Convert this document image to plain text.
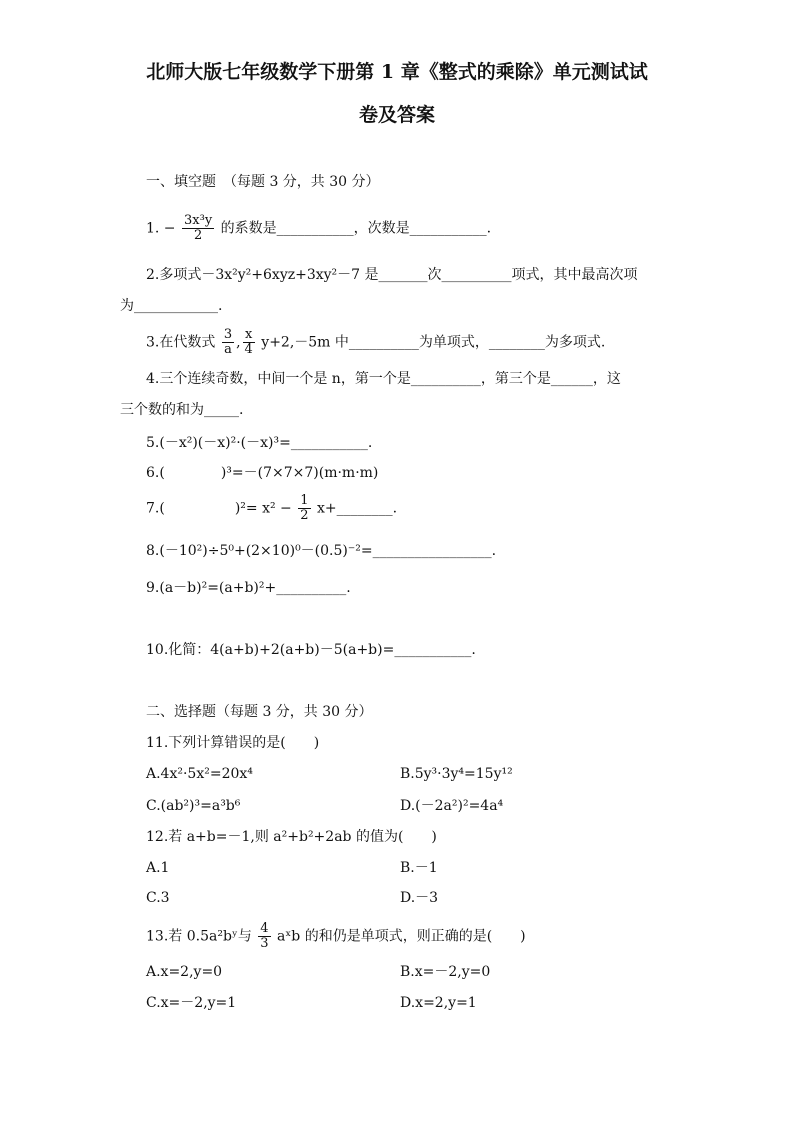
北师大版七年级数学下册第 1 章《整式的乘除》单元测试试
卷及答案
一、填空题　（每题 3 分，共 30 分）
1. − $\frac{\text{3x³y}}{2}$ 的系数是___________，次数是___________.
2.多项式－3x²y²+6xyz+3xy²－7 是_______次__________项式，其中最高次项
为____________.
3.在代数式 $\frac{3}{a}$ , $\frac{x}{4} y+2,-5m$ 中__________为单项式，________为多项式.
4.三个连续奇数，中间一个是 n，第一个是__________，第三个是______，这
三个数的和为_____.
5.(－x²)(－x)²·(－x)³=___________.
6.(　　　　)³=－(7×7×7)(m·m·m)
7.(　　　　　)$^2= x^2 - \frac{1}{2}$ x+________.
8.(－10²)÷5⁰+(2×10)⁰－(0.5)⁻²=_________________.
9.(a－b)²=(a+b)²+__________.
10.化简：4(a+b)+2(a+b)－5(a+b)=___________.
二、选择题（每题 3 分，共 30 分）
11.下列计算错误的是(　　)
A.4x²·5x²=20x⁴	B.5y³·3y⁴=15y¹²
C.(ab²)³=a³b⁶	D.(－2a²)²=4a⁴
12.若 a+b=－1,则 a²+b²+2ab 的值为(　　)
A.1	B.－1
C.3	D.－3
13.若 0.5a²bʸ与 $\frac{4}{3}$ aˣb 的和仍是单项式，则正确的是(　　)
A.x=2,y=0	B.x=－2,y=0
C.x=－2,y=1	D.x=2,y=1
